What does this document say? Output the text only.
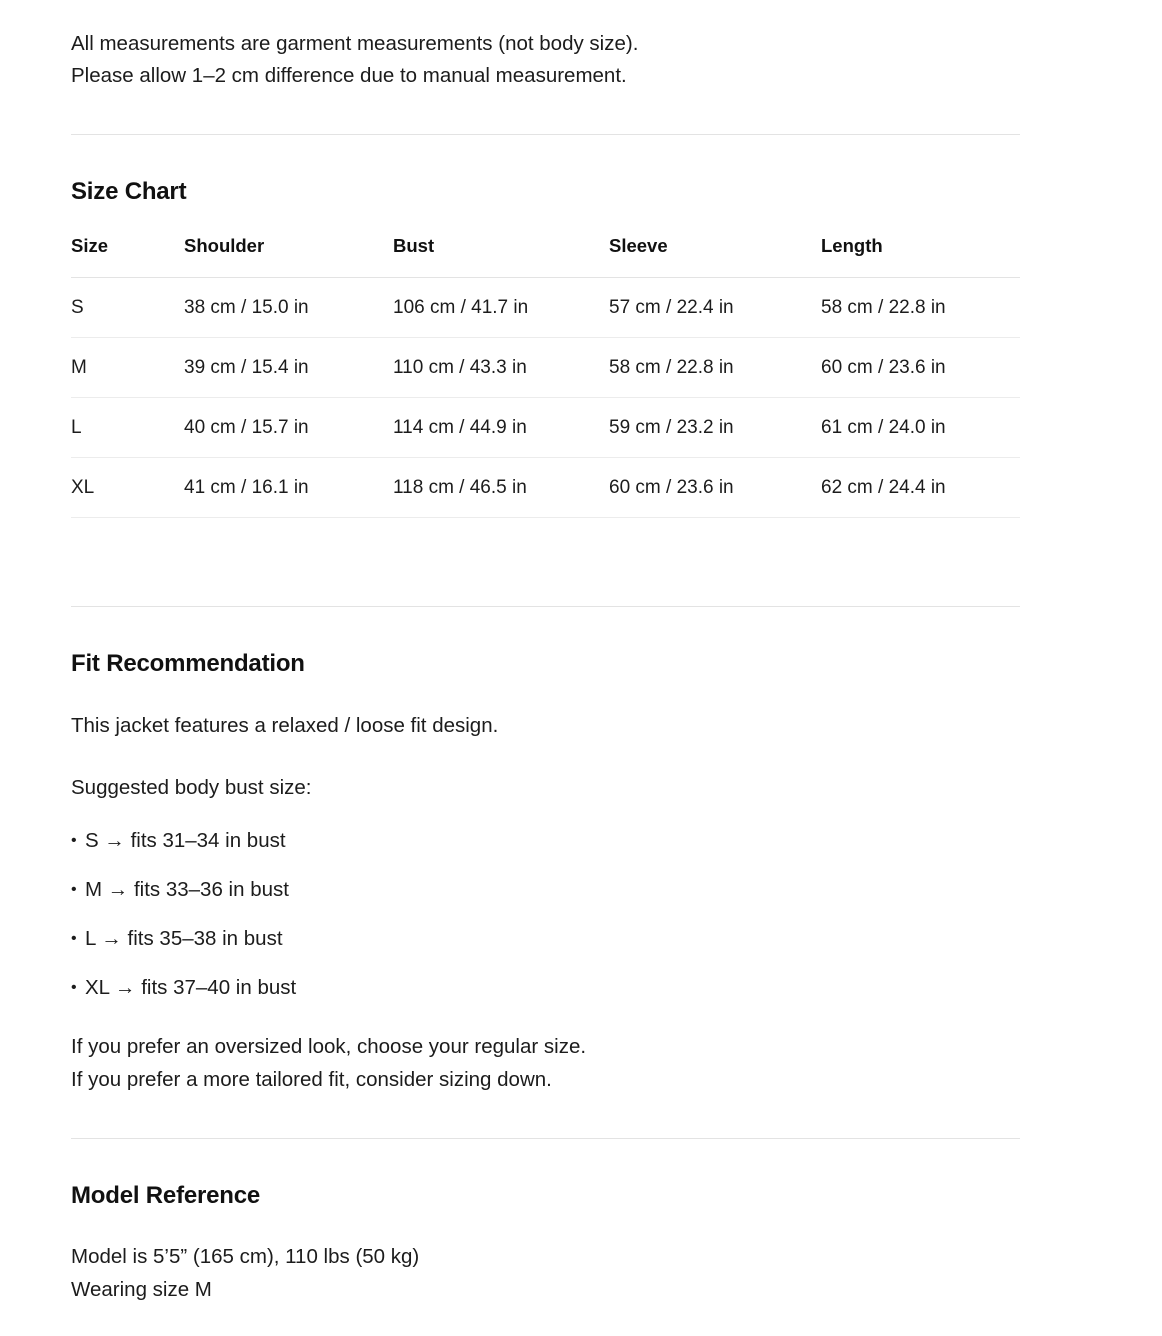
All measurements are garment measurements (not body size).
Please allow 1–2 cm difference due to manual measurement.
Size Chart
Size	Shoulder	Bust	Sleeve	Length
S	38 cm / 15.0 in	106 cm / 41.7 in	57 cm / 22.4 in	58 cm / 22.8 in
M	39 cm / 15.4 in	110 cm / 43.3 in	58 cm / 22.8 in	60 cm / 23.6 in
L	40 cm / 15.7 in	114 cm / 44.9 in	59 cm / 23.2 in	61 cm / 24.0 in
XL	41 cm / 16.1 in	118 cm / 46.5 in	60 cm / 23.6 in	62 cm / 24.4 in
Fit Recommendation

This jacket features a relaxed / loose fit design.

Suggested body bust size:

• S → fits 31–34 in bust
• M → fits 33–36 in bust
• L → fits 35–38 in bust
• XL → fits 37–40 in bust
If you prefer an oversized look, choose your regular size.
If you prefer a more tailored fit, consider sizing down.
Model Reference
Model is 5’5” (165 cm), 110 lbs (50 kg)
Wearing size M
